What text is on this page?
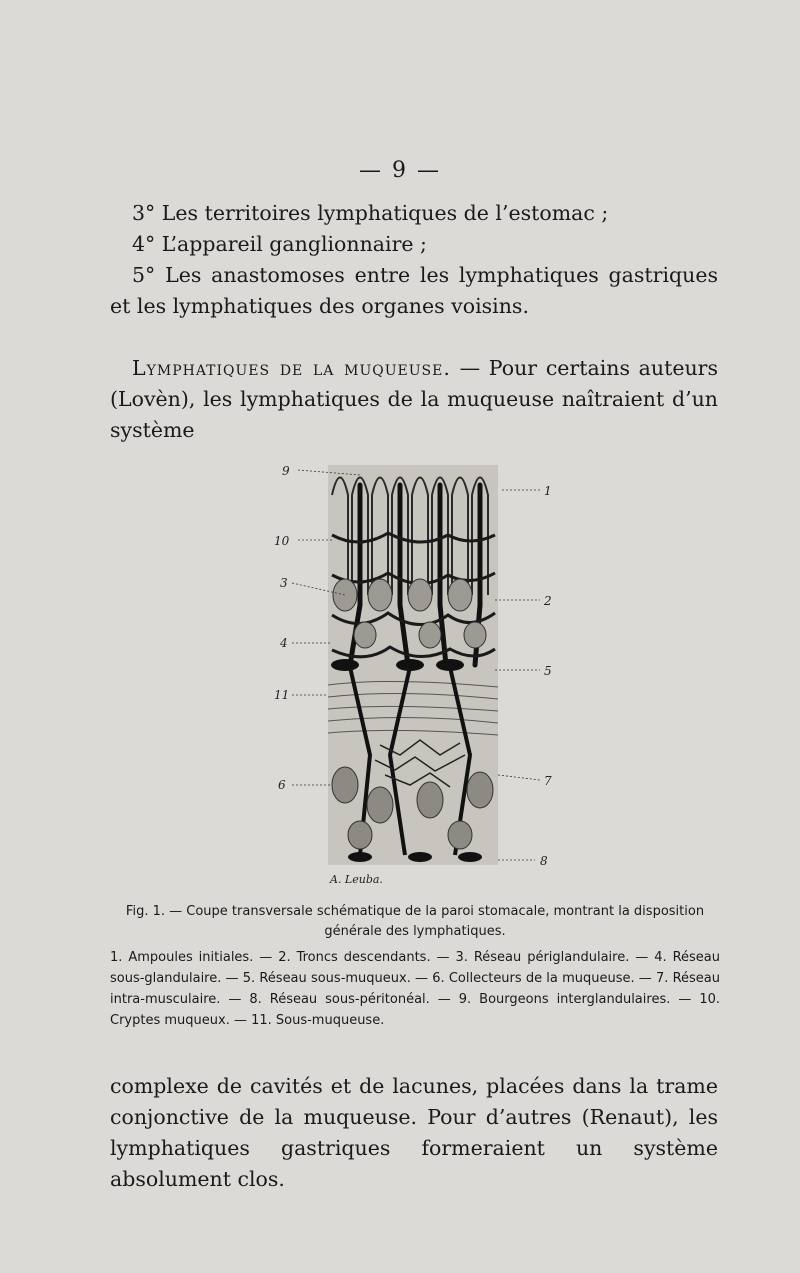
— 9 —

3° Les territoires lymphatiques de l’estomac ;

4° L’appareil ganglionnaire ;

5° Les anastomoses entre les lymphatiques gastriques et les lymphatiques des organes voisins.

Lymphatiques de la muqueuse. — Pour certains auteurs (Lovèn), les lymphatiques de la muqueuse naîtraient d’un système

9
1
10
3
2
4
5
11
6	7
8
A. Leuba.
Fig. 1. — Coupe transversale schématique de la paroi stomacale, montrant la disposition générale des lymphatiques.
1. Ampoules initiales. — 2. Troncs descendants. — 3. Réseau périglandulaire. — 4. Réseau sous-glandulaire. — 5. Réseau sous-muqueux. — 6. Collecteurs de la muqueuse. — 7. Réseau intra-musculaire. — 8. Réseau sous-péritonéal. — 9. Bourgeons interglandulaires. — 10. Cryptes muqueux. — 11. Sous-muqueuse.

complexe de cavités et de lacunes, placées dans la trame conjonctive de la muqueuse. Pour d’autres (Renaut), les lymphatiques gastriques formeraient un système absolument clos.
